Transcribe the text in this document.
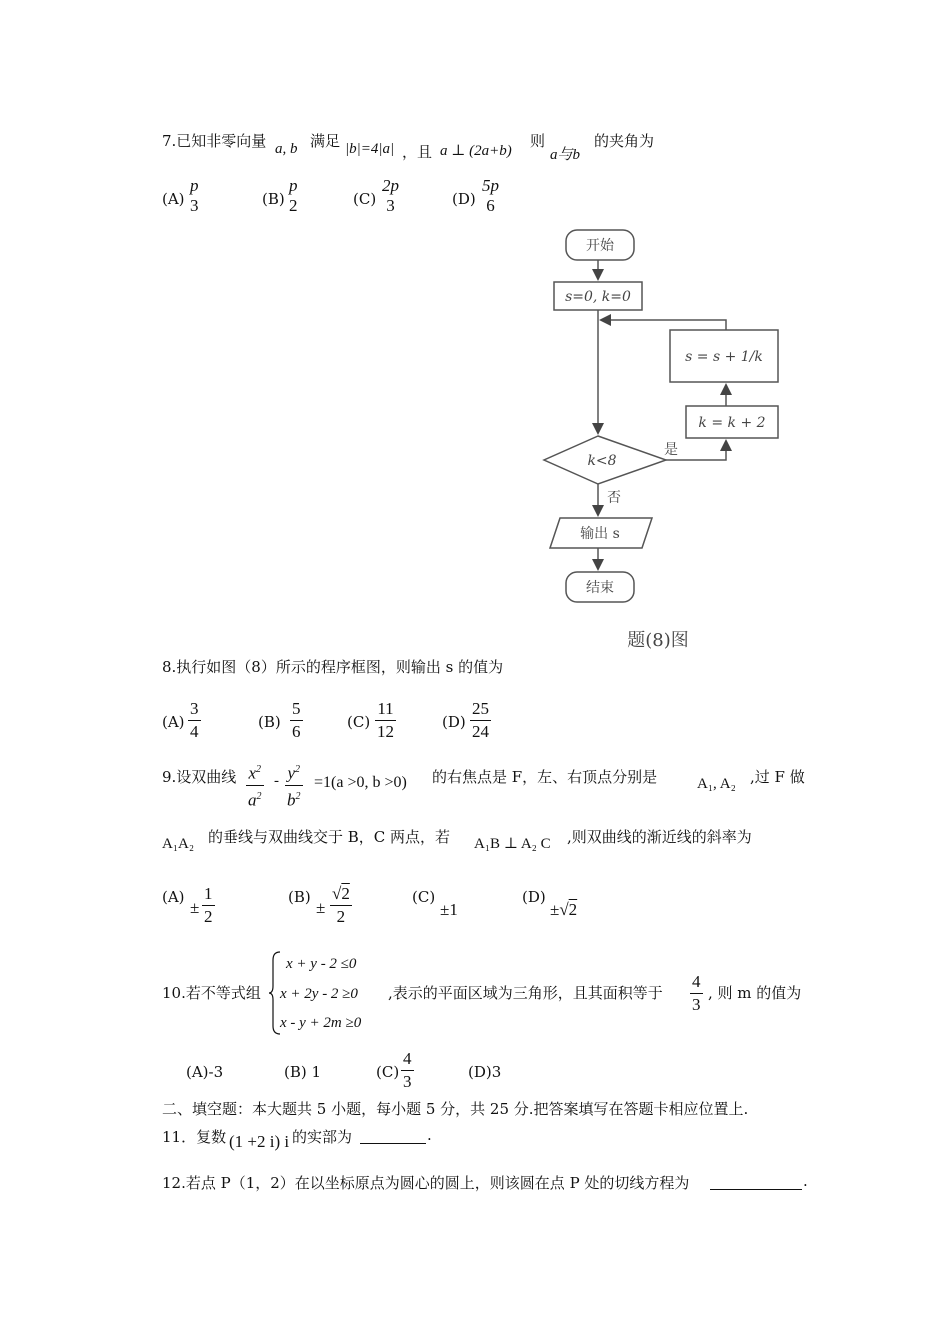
7.已知非零向量 a, b 满足 |b|=4|a| ，且 a ⊥ (2a+b)
则
a与b
的夹角为
(A)
p
3	(B)
p
2	(C)
2p
3	(D)
5p
6
开始
s=0, k=0
s = s + 1/k
k = k + 2
k<8
是
否
输出 s
结束
题(8)图
8.执行如图（8）所示的程序框图，则输出 s 的值为
(A)
3
4	(B)
5
6	(C)
11
12	(D)
25
24
9.设双曲线 $x^2$
$a^2$
- $y^2$
$b^2$
=1(a >0, b >0) 的右焦点是 F，左、右顶点分别是	A₁, A₂ ,过 F 做
A₁A₂ 的垂线与双曲线交于 B，C 两点，若 A₁B ⊥ A₂ C ,则双曲线的渐近线的斜率为
(A)
±
1
2
(B)
±
√2
2
(C)
±1
(D)
±√2
10.若不等式组
x + y - 2 ≤0
x + 2y - 2 ≥0
x - y + 2m ≥0
,表示的平面区域为三角形，且其面积等于
4
3
, 则 m 的值为
(A)-3	(B) 1	(C)
4
3	(D)3
二、填空题：本大题共 5 小题，每小题 5 分，共 25 分.把答案填写在答题卡相应位置上.
11．复数 (1 +2 i) i 的实部为	.
12.若点 P（1，2）在以坐标原点为圆心的圆上，则该圆在点 P 处的切线方程为	.
